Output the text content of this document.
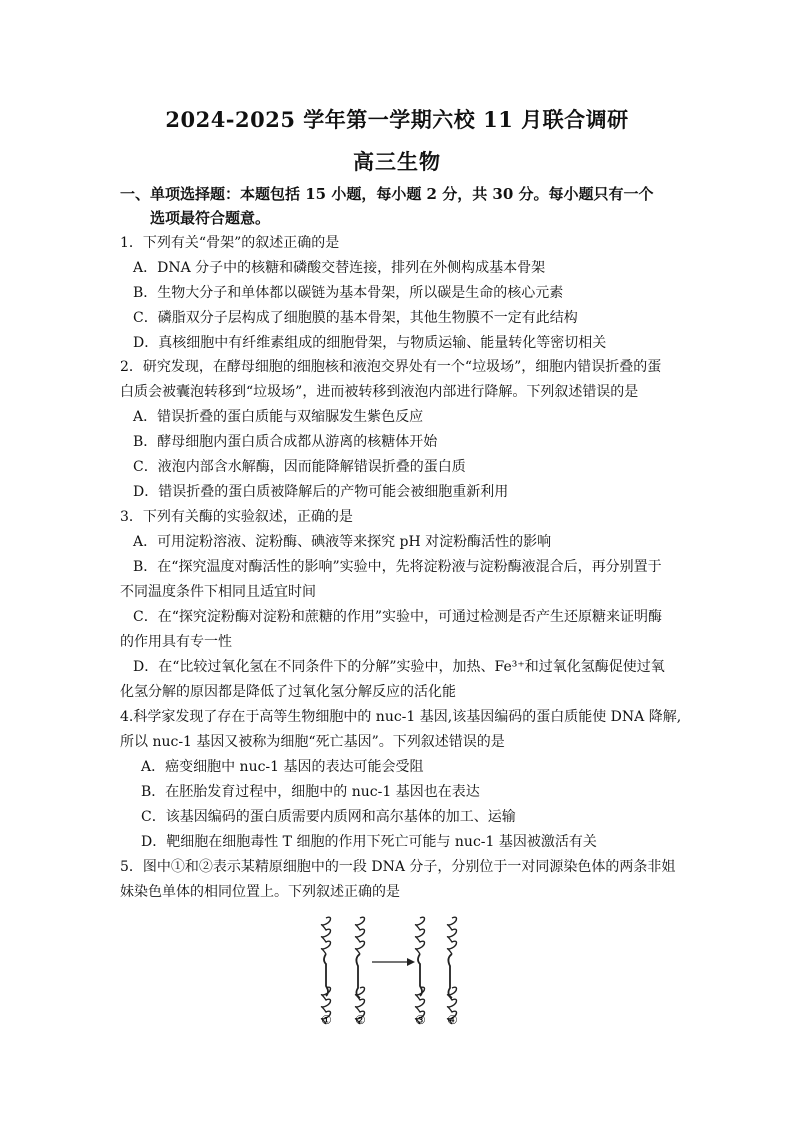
2024-2025 学年第一学期六校 11 月联合调研
高三生物
一、单项选择题：本题包括 15 小题，每小题 2 分，共 30 分。每小题只有一个
选项最符合题意。
1．下列有关“骨架”的叙述正确的是
A．DNA 分子中的核糖和磷酸交替连接，排列在外侧构成基本骨架
B．生物大分子和单体都以碳链为基本骨架，所以碳是生命的核心元素
C．磷脂双分子层构成了细胞膜的基本骨架，其他生物膜不一定有此结构
D．真核细胞中有纤维素组成的细胞骨架，与物质运输、能量转化等密切相关
2．研究发现，在酵母细胞的细胞核和液泡交界处有一个“垃圾场”，细胞内错误折叠的蛋
白质会被囊泡转移到“垃圾场”，进而被转移到液泡内部进行降解。下列叙述错误的是
A．错误折叠的蛋白质能与双缩脲发生紫色反应
B．酵母细胞内蛋白质合成都从游离的核糖体开始
C．液泡内部含水解酶，因而能降解错误折叠的蛋白质
D．错误折叠的蛋白质被降解后的产物可能会被细胞重新利用
3．下列有关酶的实验叙述，正确的是
A．可用淀粉溶液、淀粉酶、碘液等来探究 pH 对淀粉酶活性的影响
B．在“探究温度对酶活性的影响”实验中，先将淀粉液与淀粉酶液混合后，再分别置于
不同温度条件下相同且适宜时间
C．在“探究淀粉酶对淀粉和蔗糖的作用”实验中，可通过检测是否产生还原糖来证明酶
的作用具有专一性
D．在“比较过氧化氢在不同条件下的分解”实验中，加热、Fe³⁺和过氧化氢酶促使过氧
化氢分解的原因都是降低了过氧化氢分解反应的活化能
4.科学家发现了存在于高等生物细胞中的 nuc-1 基因,该基因编码的蛋白质能使 DNA 降解,
所以 nuc-1 基因又被称为细胞“死亡基因”。下列叙述错误的是
A．癌变细胞中 nuc-1 基因的表达可能会受阻
B．在胚胎发育过程中，细胞中的 nuc-1 基因也在表达
C．该基因编码的蛋白质需要内质网和高尔基体的加工、运输
D．靶细胞在细胞毒性 T 细胞的作用下死亡可能与 nuc-1 基因被激活有关
5．图中①和②表示某精原细胞中的一段 DNA 分子，分别位于一对同源染色体的两条非姐
妹染色单体的相同位置上。下列叙述正确的是
① ②	③ ④
